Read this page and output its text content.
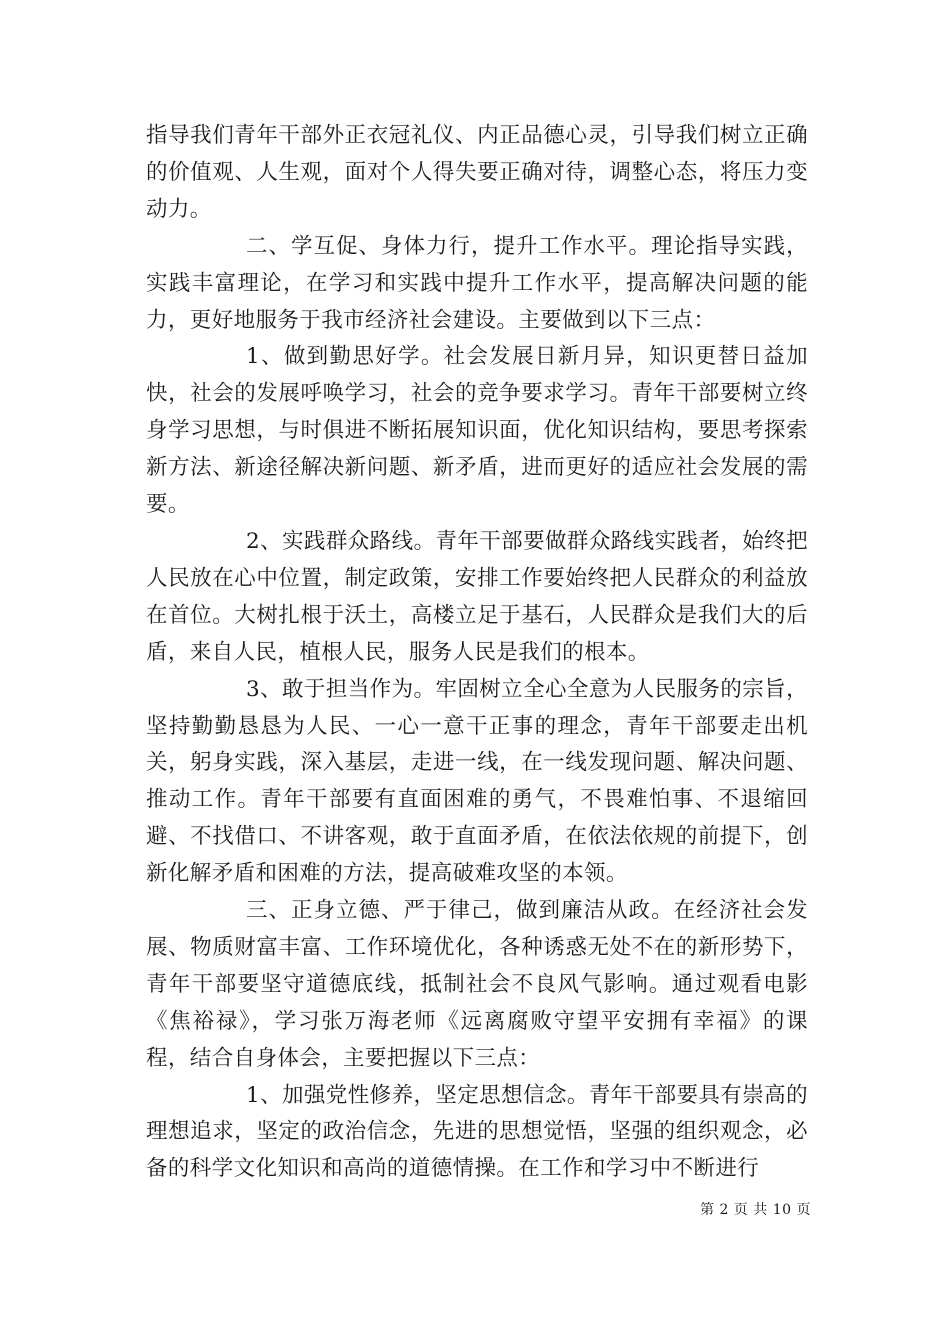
指导我们青年干部外正衣冠礼仪、内正品德心灵，引导我们树立正确的价值观、人生观，面对个人得失要正确对待，调整心态，将压力变动力。

二、学互促、身体力行，提升工作水平。理论指导实践，实践丰富理论，在学习和实践中提升工作水平，提高解决问题的能力，更好地服务于我市经济社会建设。主要做到以下三点：

1、做到勤思好学。社会发展日新月异，知识更替日益加快，社会的发展呼唤学习，社会的竞争要求学习。青年干部要树立终身学习思想，与时俱进不断拓展知识面，优化知识结构，要思考探索新方法、新途径解决新问题、新矛盾，进而更好的适应社会发展的需要。

2、实践群众路线。青年干部要做群众路线实践者，始终把人民放在心中位置，制定政策，安排工作要始终把人民群众的利益放在首位。大树扎根于沃土，高楼立足于基石，人民群众是我们大的后盾，来自人民，植根人民，服务人民是我们的根本。

3、敢于担当作为。牢固树立全心全意为人民服务的宗旨，坚持勤勤恳恳为人民、一心一意干正事的理念，青年干部要走出机关，躬身实践，深入基层，走进一线，在一线发现问题、解决问题、推动工作。青年干部要有直面困难的勇气，不畏难怕事、不退缩回避、不找借口、不讲客观，敢于直面矛盾，在依法依规的前提下，创新化解矛盾和困难的方法，提高破难攻坚的本领。

三、正身立德、严于律己，做到廉洁从政。在经济社会发展、物质财富丰富、工作环境优化，各种诱惑无处不在的新形势下，青年干部要坚守道德底线，抵制社会不良风气影响。通过观看电影《焦裕禄》，学习张万海老师《远离腐败守望平安拥有幸福》的课程，结合自身体会，主要把握以下三点：

1、加强党性修养，坚定思想信念。青年干部要具有崇高的理想追求，坚定的政治信念，先进的思想觉悟，坚强的组织观念，必备的科学文化知识和高尚的道德情操。在工作和学习中不断进行

第 2 页 共 10 页
